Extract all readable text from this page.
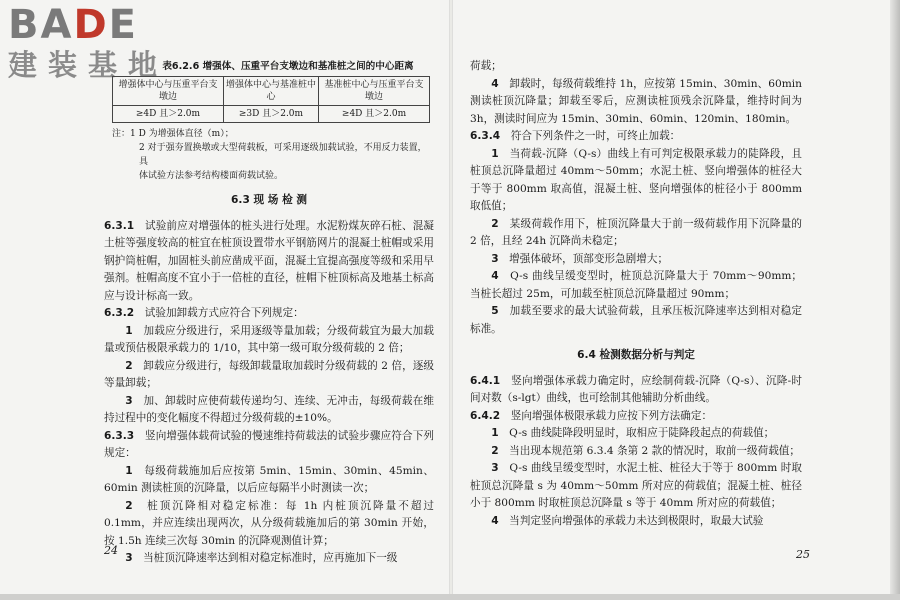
BADE
建装基地
表6.2.6 增强体、压重平台支墩边和基准桩之间的中心距离
增强体中心与压重平台支墩边	增强体中心与基准桩中心	基准桩中心与压重平台支墩边
≥4D 且＞2.0m	≥3D 且＞2.0m	≥4D 且＞2.0m

注：1 D 为增强体直径（m）；

2 对于强夯置换墩或大型荷载板，可采用逐级加载试验，不用反力装置，具

体试验方法参考结构楼面荷载试验。

6.3 现 场 检 测

6.3.1　 试验前应对增强体的桩头进行处理。水泥粉煤灰碎石桩、混凝土桩等强度较高的桩宜在桩顶设置带水平钢筋网片的混凝土桩帽或采用钢护筒桩帽，加固桩头前应凿成平面，混凝土宜提高强度等级和采用早强剂。桩帽高度不宜小于一倍桩的直径，桩帽下桩顶标高及地基土标高应与设计标高一致。

6.3.2　 试验加卸载方式应符合下列规定：

1　 加载应分级进行，采用逐级等量加载；分级荷载宜为最大加载量或预估极限承载力的 1/10，其中第一级可取分级荷载的 2 倍；

2　 卸载应分级进行，每级卸载量取加载时分级荷载的 2 倍，逐级等量卸载；

3　 加、卸载时应使荷载传递均匀、连续、无冲击，每级荷载在维持过程中的变化幅度不得超过分级荷载的±10%。

6.3.3　 竖向增强体载荷试验的慢速维持荷载法的试验步骤应符合下列规定：

1　 每级荷载施加后应按第 5min、15min、30min、45min、60min 测读桩顶的沉降量，以后应每隔半小时测读一次；

2　 桩顶沉降相对稳定标准：每 1h 内桩顶沉降量不超过 0.1mm，并应连续出现两次，从分级荷载施加后的第 30min 开始，按 1.5h 连续三次每 30min 的沉降观测值计算；

3　 当桩顶沉降速率达到相对稳定标准时，应再施加下一级

24

荷载；

4　 卸载时，每级荷载维持 1h，应按第 15min、30min、60min 测读桩顶沉降量；卸载至零后，应测读桩顶残余沉降量，维持时间为 3h，测读时间应为 15min、30min、60min、120min、180min。

6.3.4　 符合下列条件之一时，可终止加载：

1　 当荷载-沉降（Q-s）曲线上有可判定极限承载力的陡降段，且桩顶总沉降量超过 40mm～50mm；水泥土桩、竖向增强体的桩径大于等于 800mm 取高值，混凝土桩、竖向增强体的桩径小于 800mm 取低值；

2　 某级荷载作用下，桩顶沉降量大于前一级荷载作用下沉降量的 2 倍，且经 24h 沉降尚未稳定；

3　 增强体破坏，顶部变形急剧增大；

4　 Q-s 曲线呈缓变型时，桩顶总沉降量大于 70mm～90mm；当桩长超过 25m，可加载至桩顶总沉降量超过 90mm；

5　 加载至要求的最大试验荷载，且承压板沉降速率达到相对稳定标准。

6.4 检测数据分析与判定

6.4.1　 竖向增强体承载力确定时，应绘制荷载-沉降（Q-s）、沉降-时间对数（s-lgt）曲线，也可绘制其他辅助分析曲线。

6.4.2　 竖向增强体极限承载力应按下列方法确定：

1　 Q-s 曲线陡降段明显时，取相应于陡降段起点的荷载值；

2　 当出现本规范第 6.3.4 条第 2 款的情况时，取前一级荷载值；

3　 Q-s 曲线呈缓变型时，水泥土桩、桩径大于等于 800mm 时取桩顶总沉降量 s 为 40mm～50mm 所对应的荷载值；混凝土桩、桩径小于 800mm 时取桩顶总沉降量 s 等于 40mm 所对应的荷载值；

4　 当判定竖向增强体的承载力未达到极限时，取最大试验

25
